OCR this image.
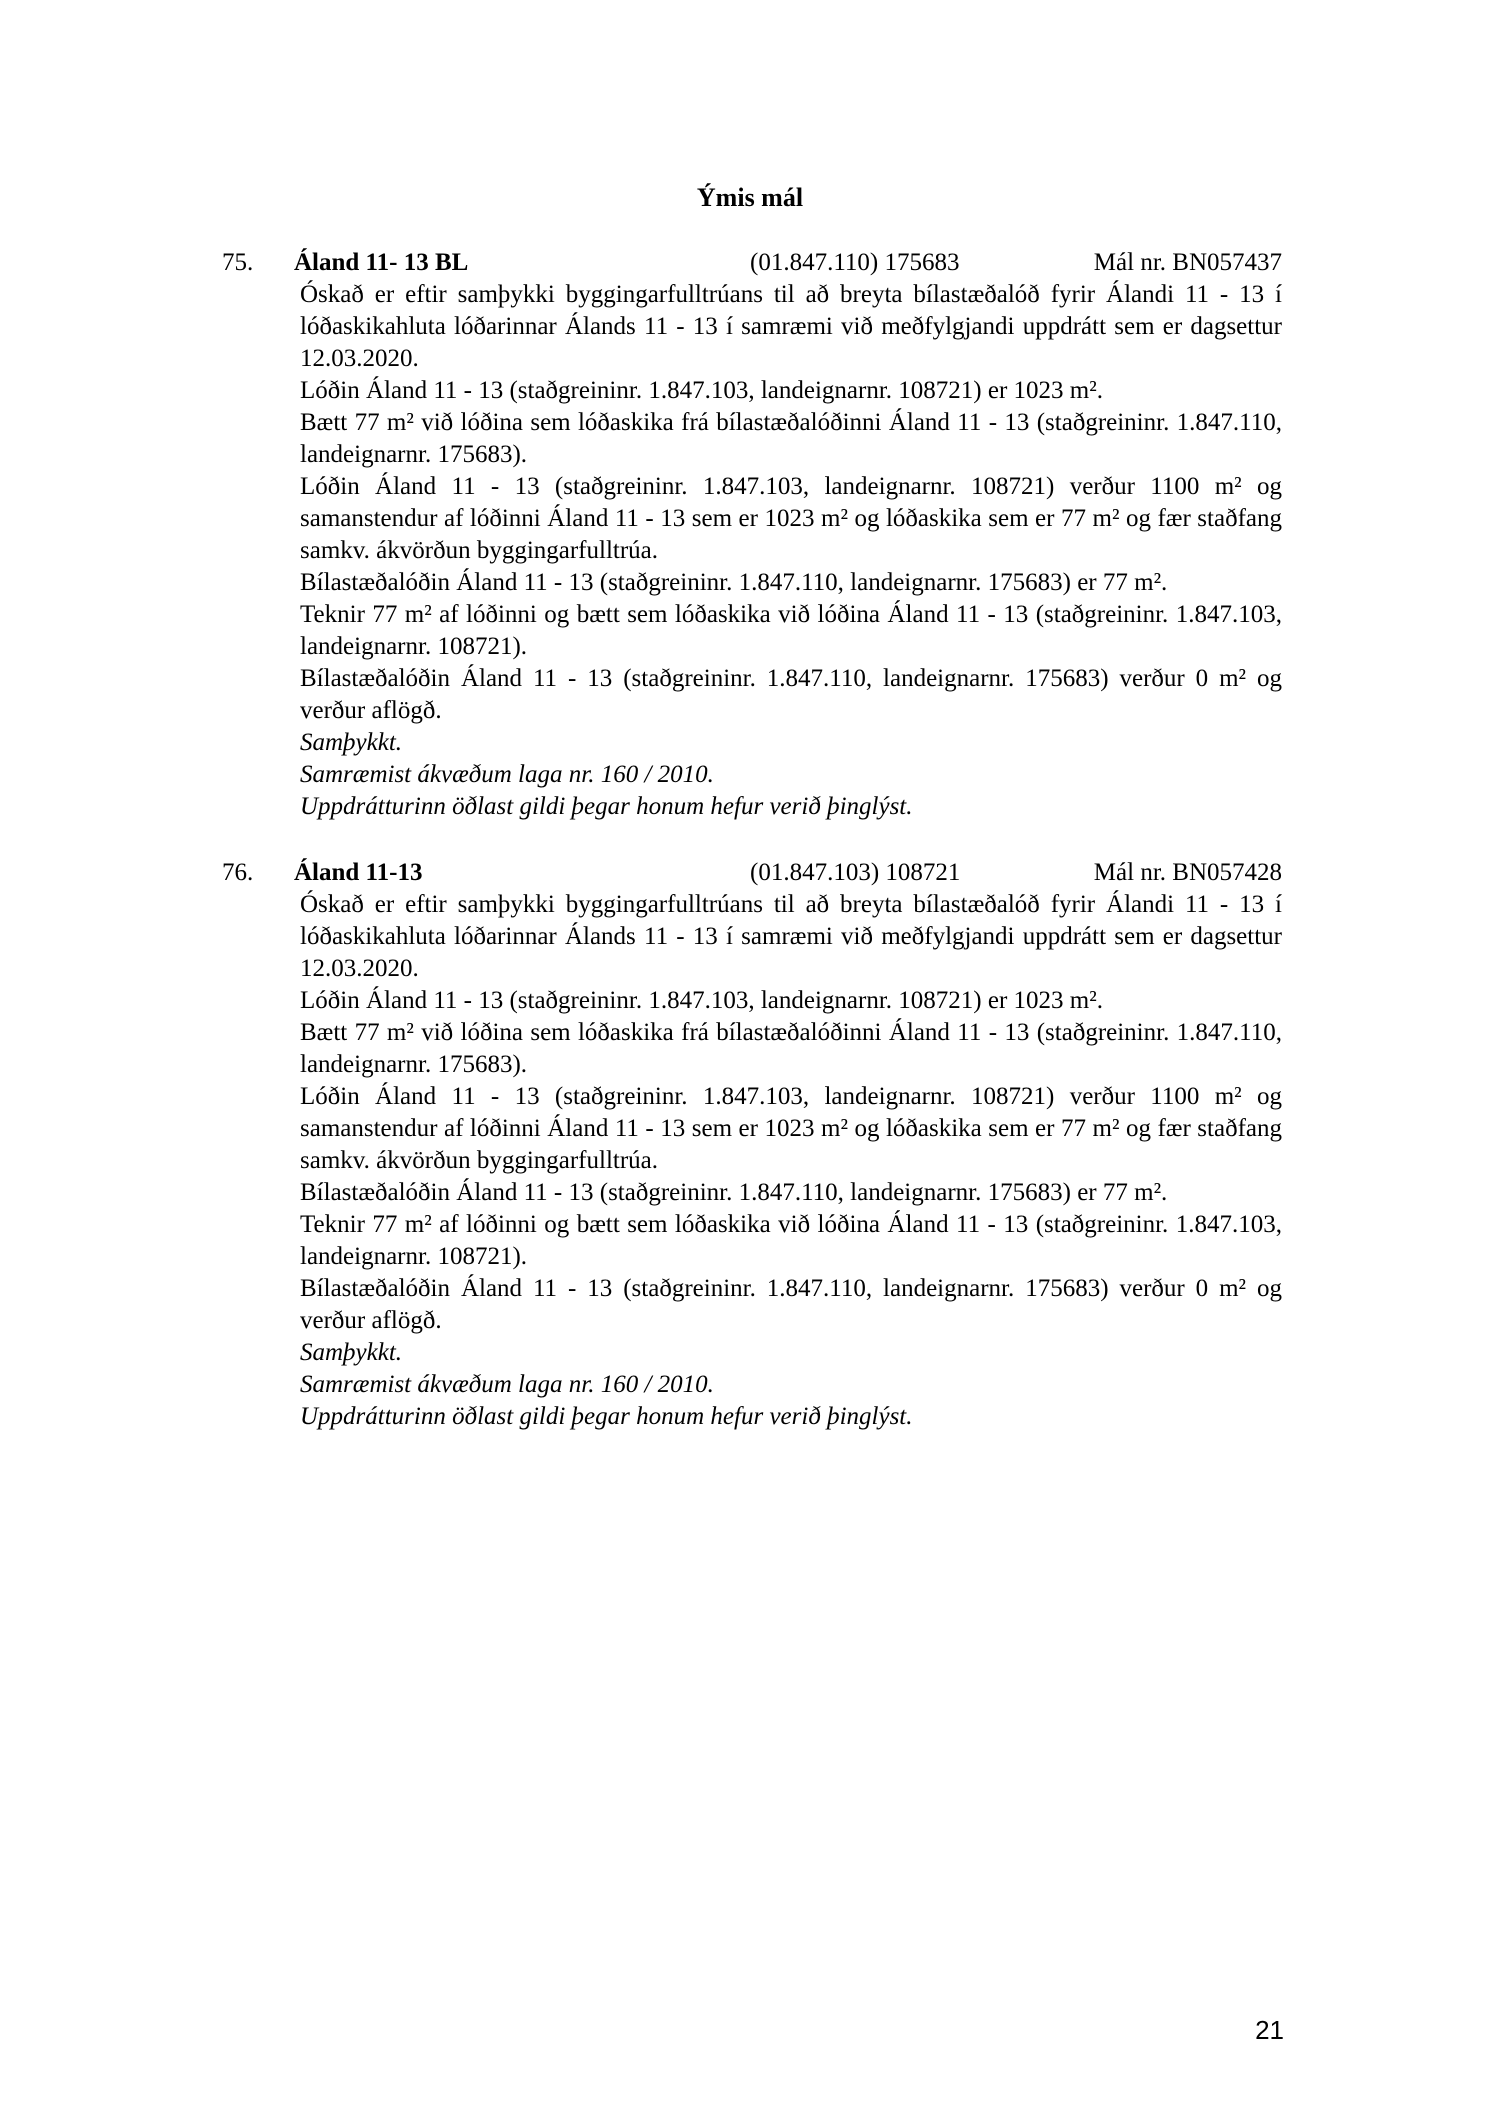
Ýmis mál
75. Áland 11- 13 BL	(01.847.110) 175683	Mál nr. BN057437

Óskað er eftir samþykki byggingarfulltrúans til að breyta bílastæðalóð fyrir Álandi 11 - 13 í lóðaskikahluta lóðarinnar Álands 11 - 13 í samræmi við meðfylgjandi uppdrátt sem er dagsettur 12.03.2020.

Lóðin Áland 11 - 13 (staðgreininr. 1.847.103, landeignarnr. 108721) er 1023 m².

Bætt 77 m² við lóðina sem lóðaskika frá bílastæðalóðinni Áland 11 - 13 (staðgreininr. 1.847.110, landeignarnr. 175683).

Lóðin Áland 11 - 13 (staðgreininr. 1.847.103, landeignarnr. 108721) verður 1100 m² og samanstendur af lóðinni Áland 11 - 13 sem er 1023 m² og lóðaskika sem er 77 m² og fær staðfang samkv. ákvörðun byggingarfulltrúa.

Bílastæðalóðin Áland 11 - 13 (staðgreininr. 1.847.110, landeignarnr. 175683) er 77 m².

Teknir 77 m² af lóðinni og bætt sem lóðaskika við lóðina Áland 11 - 13 (staðgreininr. 1.847.103, landeignarnr. 108721).

Bílastæðalóðin Áland 11 - 13 (staðgreininr. 1.847.110, landeignarnr. 175683) verður 0 m² og verður aflögð.

Samþykkt.

Samræmist ákvæðum laga nr. 160 / 2010.

Uppdrátturinn öðlast gildi þegar honum hefur verið þinglýst.

76. Áland 11-13	(01.847.103) 108721	Mál nr. BN057428

Óskað er eftir samþykki byggingarfulltrúans til að breyta bílastæðalóð fyrir Álandi 11 - 13 í lóðaskikahluta lóðarinnar Álands 11 - 13 í samræmi við meðfylgjandi uppdrátt sem er dagsettur 12.03.2020.

Lóðin Áland 11 - 13 (staðgreininr. 1.847.103, landeignarnr. 108721) er 1023 m².

Bætt 77 m² við lóðina sem lóðaskika frá bílastæðalóðinni Áland 11 - 13 (staðgreininr. 1.847.110, landeignarnr. 175683).

Lóðin Áland 11 - 13 (staðgreininr. 1.847.103, landeignarnr. 108721) verður 1100 m² og samanstendur af lóðinni Áland 11 - 13 sem er 1023 m² og lóðaskika sem er 77 m² og fær staðfang samkv. ákvörðun byggingarfulltrúa.

Bílastæðalóðin Áland 11 - 13 (staðgreininr. 1.847.110, landeignarnr. 175683) er 77 m².

Teknir 77 m² af lóðinni og bætt sem lóðaskika við lóðina Áland 11 - 13 (staðgreininr. 1.847.103, landeignarnr. 108721).

Bílastæðalóðin Áland 11 - 13 (staðgreininr. 1.847.110, landeignarnr. 175683) verður 0 m² og verður aflögð.

Samþykkt.

Samræmist ákvæðum laga nr. 160 / 2010.

Uppdrátturinn öðlast gildi þegar honum hefur verið þinglýst.

21
